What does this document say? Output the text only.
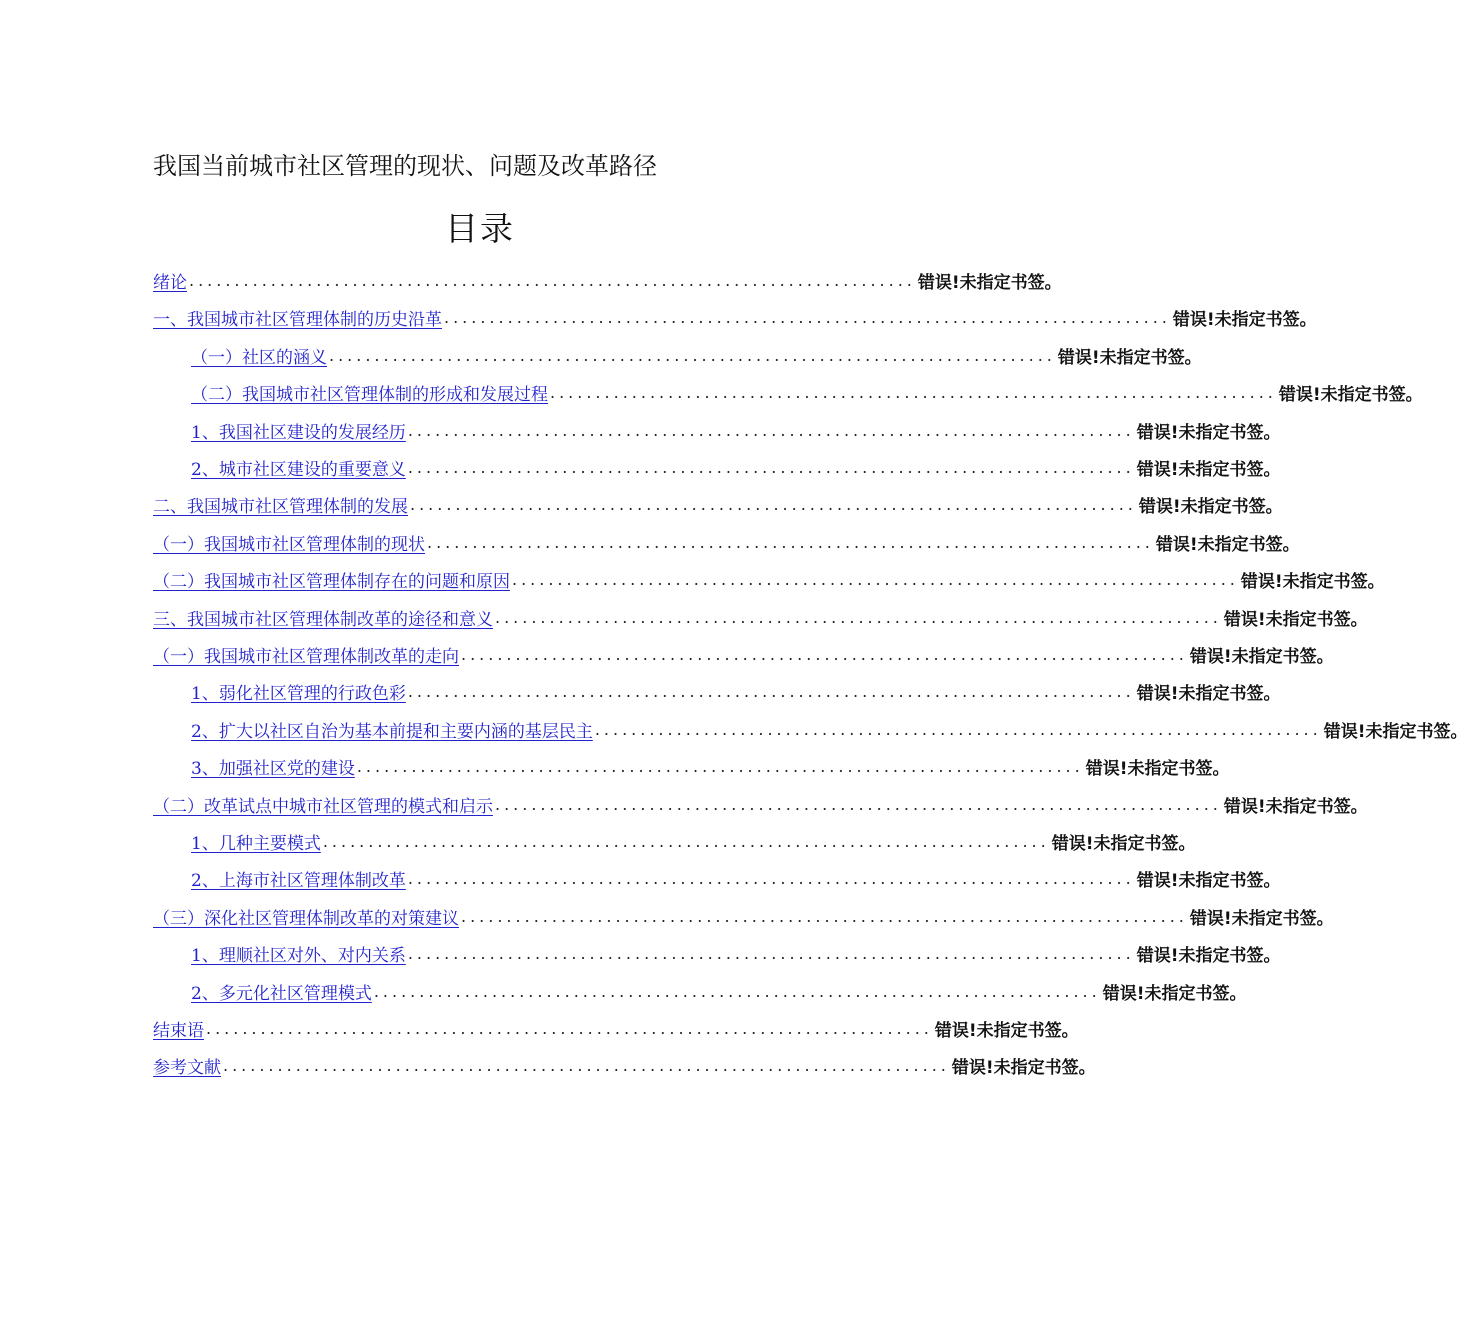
我国当前城市社区管理的现状、问题及改革路径
目录
绪论 ................................................................................ 错误!未指定书签。
一、我国城市社区管理体制的历史沿革 ................................................................................ 错误!未指定书签。
（一）社区的涵义 ................................................................................ 错误!未指定书签。
（二）我国城市社区管理体制的形成和发展过程 ................................................................................ 错误!未指定书签。
1、我国社区建设的发展经历 ................................................................................ 错误!未指定书签。
2、城市社区建设的重要意义 ................................................................................ 错误!未指定书签。
二、我国城市社区管理体制的发展 ................................................................................ 错误!未指定书签。
（一）我国城市社区管理体制的现状 ................................................................................ 错误!未指定书签。
（二）我国城市社区管理体制存在的问题和原因 ................................................................................ 错误!未指定书签。
三、我国城市社区管理体制改革的途径和意义 ................................................................................ 错误!未指定书签。
（一）我国城市社区管理体制改革的走向 ................................................................................ 错误!未指定书签。
1、弱化社区管理的行政色彩 ................................................................................ 错误!未指定书签。
2、扩大以社区自治为基本前提和主要内涵的基层民主 ................................................................................ 错误!未指定书签。
3、加强社区党的建设 ................................................................................ 错误!未指定书签。
（二）改革试点中城市社区管理的模式和启示 ................................................................................ 错误!未指定书签。
1、几种主要模式 ................................................................................ 错误!未指定书签。
2、上海市社区管理体制改革 ................................................................................ 错误!未指定书签。
（三）深化社区管理体制改革的对策建议 ................................................................................ 错误!未指定书签。
1、理顺社区对外、对内关系 ................................................................................ 错误!未指定书签。
2、多元化社区管理模式 ................................................................................ 错误!未指定书签。
结束语 ................................................................................ 错误!未指定书签。
参考文献 ................................................................................ 错误!未指定书签。
